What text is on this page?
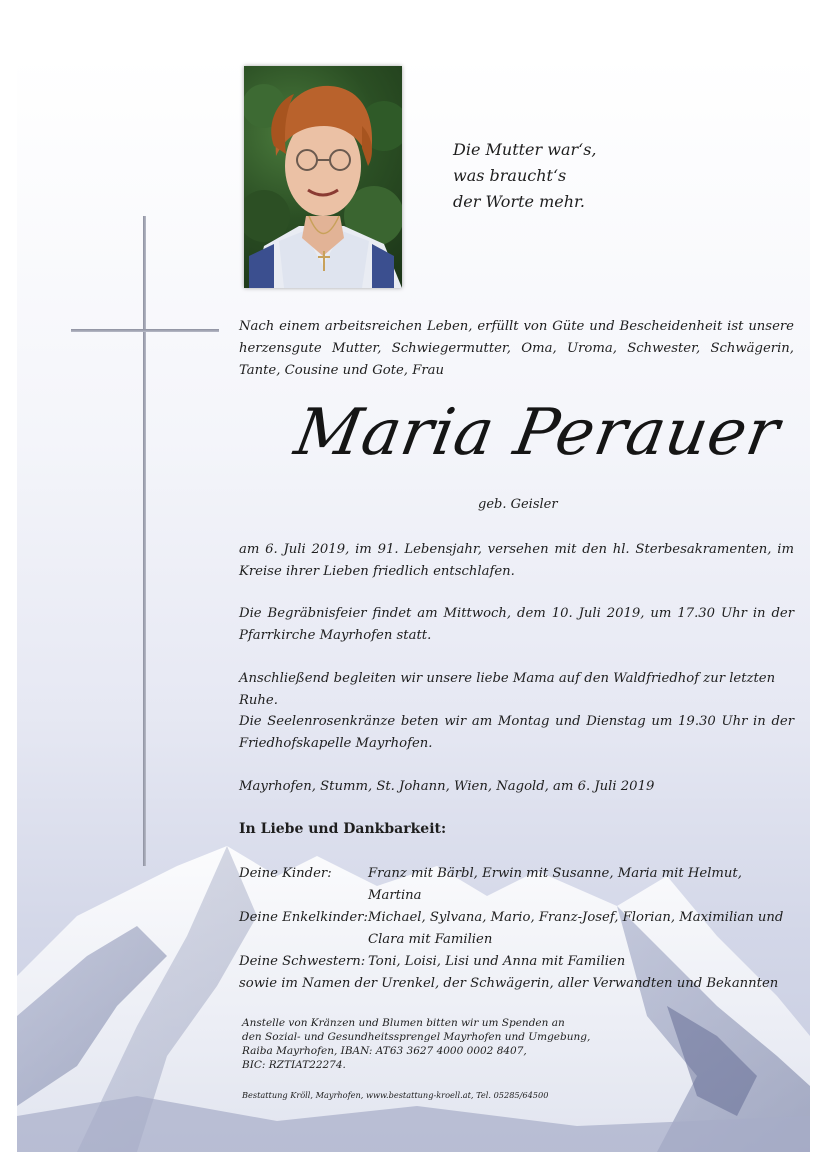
Die Mutter war‘s,
was braucht‘s
der Worte mehr.

Nach einem arbeitsreichen Leben, erfüllt von Güte und Bescheidenheit ist unsere herzensgute Mutter, Schwiegermutter, Oma, Uroma, Schwester, Schwägerin, Tante, Cousine und Gote, Frau

Maria Perauer
geb. Geisler

am 6. Juli 2019, im 91. Lebensjahr, versehen mit den hl. Sterbesakramenten, im Kreise ihrer Lieben friedlich entschlafen.

Die Begräbnisfeier findet am Mittwoch, dem 10. Juli 2019, um 17.30 Uhr in der Pfarrkirche Mayrhofen statt.

Anschließend begleiten wir unsere liebe Mama auf den Waldfriedhof zur letzten Ruhe.

Die Seelenrosenkränze beten wir am Montag und Dienstag um 19.30 Uhr in der Friedhofskapelle Mayrhofen.

Mayrhofen, Stumm, St. Johann, Wien, Nagold, am 6. Juli 2019

In Liebe und Dankbarkeit:
Deine Kinder:	Franz mit Bärbl, Erwin mit Susanne, Maria mit Helmut, Martina
Deine Enkelkinder: Michael, Sylvana, Mario, Franz-Josef, Florian, Maximilian und Clara mit Familien
Deine Schwestern: Toni, Loisi, Lisi und Anna mit Familien
sowie im Namen der Urenkel, der Schwägerin, aller Verwandten und Bekannten
Anstelle von Kränzen und Blumen bitten wir um Spenden an
den Sozial- und Gesundheitssprengel Mayrhofen und Umgebung,
Raiba Mayrhofen, IBAN: AT63 3627 4000 0002 8407,
BIC: RZTIAT22274.
Bestattung Kröll, Mayrhofen, www.bestattung-kroell.at, Tel. 05285/64500
